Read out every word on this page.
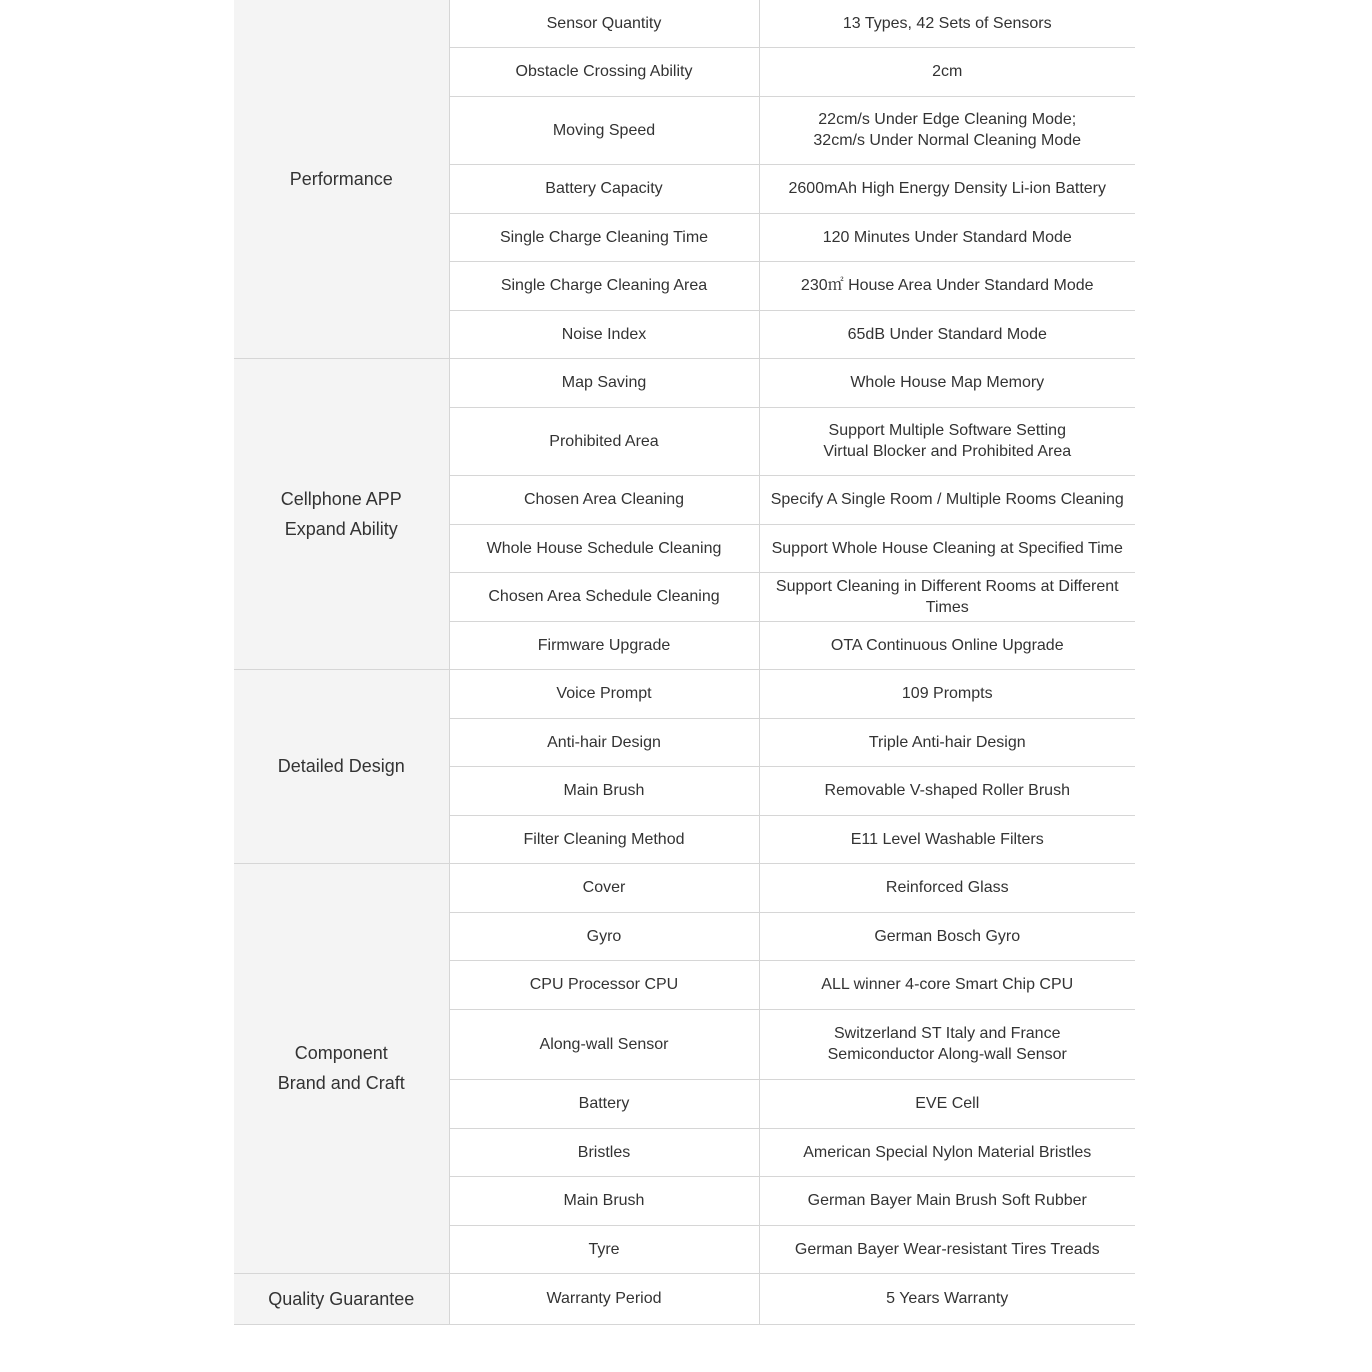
Performance	Sensor Quantity	13 Types, 42 Sets of Sensors

	Obstacle Crossing Ability	2cm

	Moving Speed	22cm/s Under Edge Cleaning Mode;
32cm/s Under Normal Cleaning Mode

	Battery Capacity	2600mAh High Energy Density Li-ion Battery

	Single Charge Cleaning Time	120 Minutes Under Standard Mode

	Single Charge Cleaning Area	230㎡ House Area Under Standard Mode

	Noise Index	65dB Under Standard Mode

Cellphone APP
Expand Ability	Map Saving	Whole House Map Memory

	Prohibited Area	Support Multiple Software Setting
Virtual Blocker and Prohibited Area

	Chosen Area Cleaning	Specify A Single Room / Multiple Rooms Cleaning

	Whole House Schedule Cleaning	Support Whole House Cleaning at Specified Time

	Chosen Area Schedule Cleaning	Support Cleaning in Different Rooms at Different Times

	Firmware Upgrade	OTA Continuous Online Upgrade

Detailed Design	Voice Prompt	109 Prompts

	Anti-hair Design	Triple Anti-hair Design

	Main Brush	Removable V-shaped Roller Brush

	Filter Cleaning Method	E11 Level Washable Filters

Component
Brand and Craft	Cover	Reinforced Glass

	Gyro	German Bosch Gyro

	CPU Processor CPU	ALL winner 4-core Smart Chip CPU

	Along-wall Sensor	Switzerland ST Italy and France
Semiconductor Along-wall Sensor

	Battery	EVE Cell

	Bristles	American Special Nylon Material Bristles

	Main Brush	German Bayer Main Brush Soft Rubber

	Tyre	German Bayer Wear-resistant Tires Treads

Quality Guarantee	Warranty Period	5 Years Warranty
